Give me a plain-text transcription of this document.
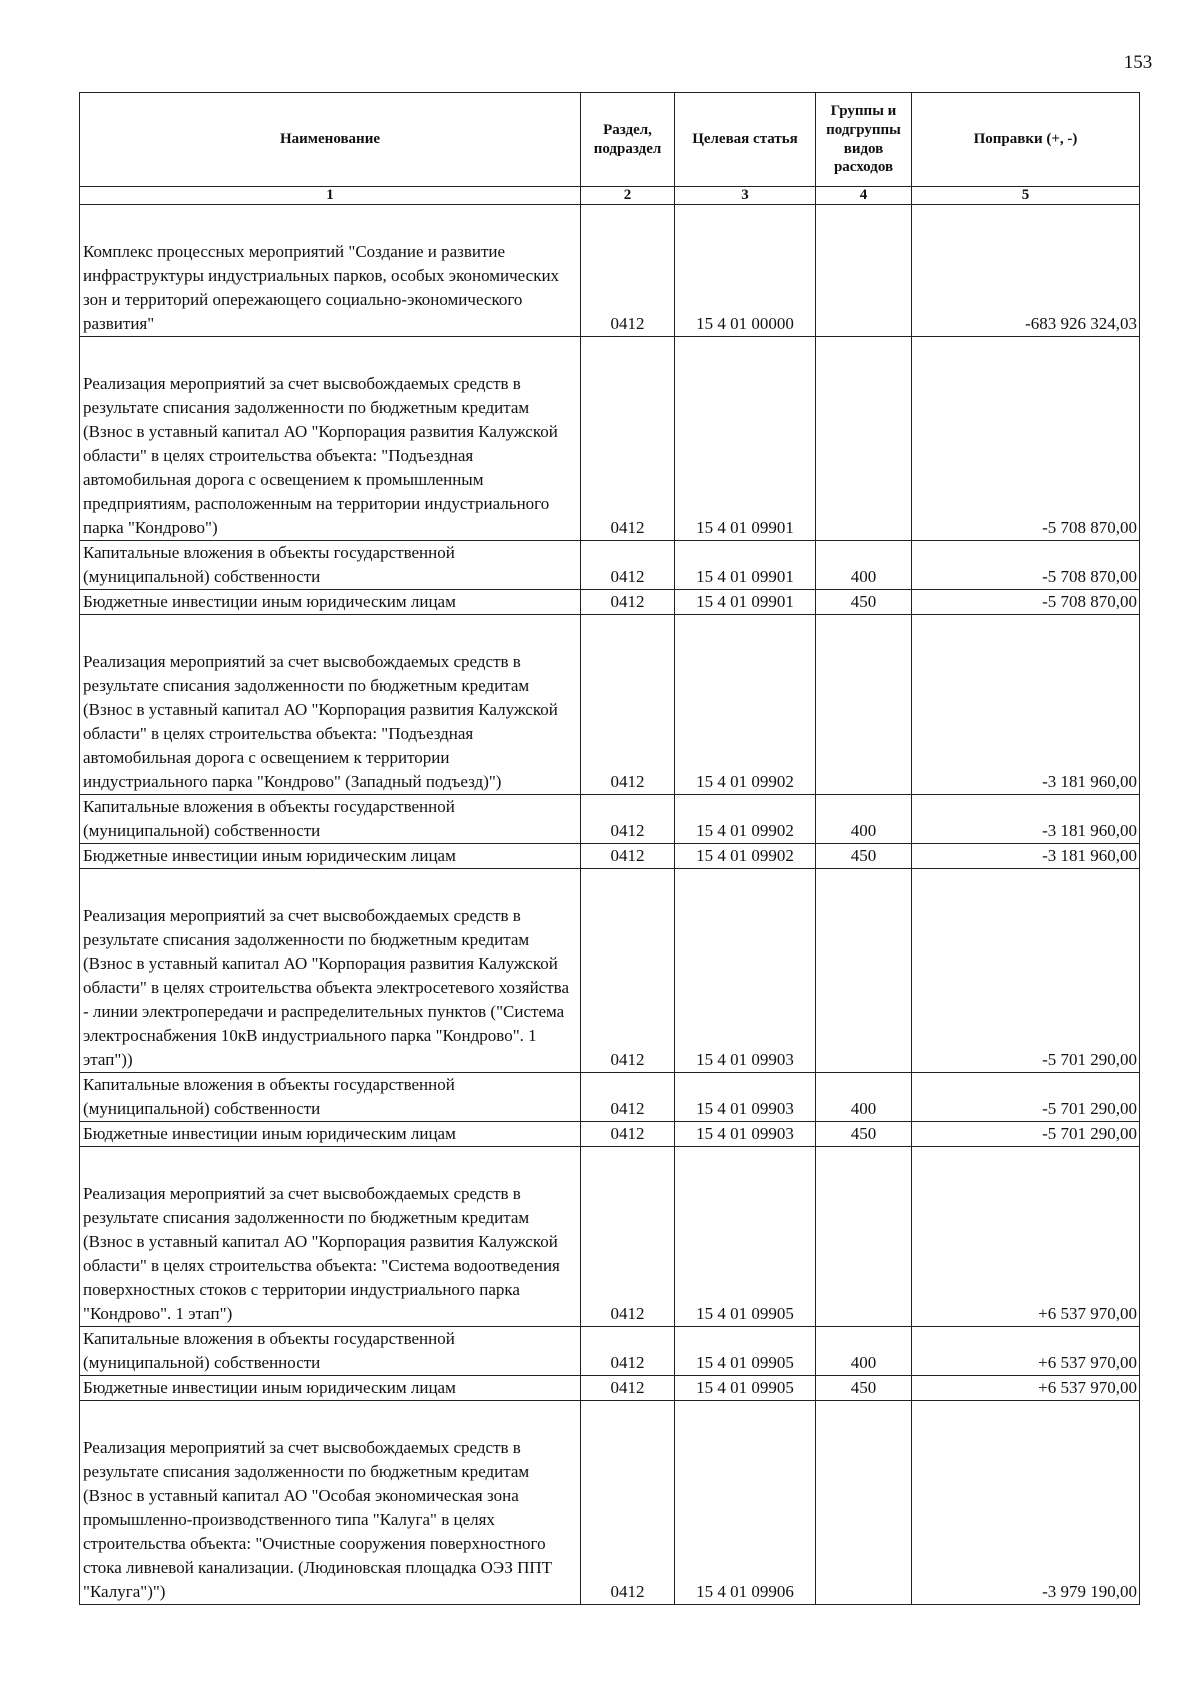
153
Наименование	Раздел, подраздел	Целевая статья	Группы и подгруппы видов расходов	Поправки (+, -)
1	2	3	4	5
Комплекс процессных мероприятий "Создание и развитие инфраструктуры индустриальных парков, особых экономических зон и территорий опережающего социально-экономического развития"	0412	15 4 01 00000		-683 926 324,03
Реализация мероприятий за счет высвобождаемых средств в результате списания задолженности по бюджетным кредитам (Взнос в уставный капитал АО "Корпорация развития Калужской области" в целях строительства объекта: "Подъездная автомобильная дорога с освещением к промышленным предприятиям, расположенным на территории индустриального парка "Кондрово")	0412	15 4 01 09901		-5 708 870,00
Капитальные вложения в объекты государственной (муниципальной) собственности	0412	15 4 01 09901	400	-5 708 870,00
Бюджетные инвестиции иным юридическим лицам	0412	15 4 01 09901	450	-5 708 870,00
Реализация мероприятий за счет высвобождаемых средств в результате списания задолженности по бюджетным кредитам (Взнос в уставный капитал АО "Корпорация развития Калужской области" в целях строительства объекта: "Подъездная автомобильная дорога с освещением к территории индустриального парка "Кондрово" (Западный подъезд)")	0412	15 4 01 09902		-3 181 960,00
Капитальные вложения в объекты государственной (муниципальной) собственности	0412	15 4 01 09902	400	-3 181 960,00
Бюджетные инвестиции иным юридическим лицам	0412	15 4 01 09902	450	-3 181 960,00
Реализация мероприятий за счет высвобождаемых средств в результате списания задолженности по бюджетным кредитам (Взнос в уставный капитал АО "Корпорация развития Калужской области" в целях строительства объекта электросетевого хозяйства - линии электропередачи и распределительных пунктов ("Система электроснабжения 10кВ индустриального парка "Кондрово". 1 этап"))	0412	15 4 01 09903		-5 701 290,00
Капитальные вложения в объекты государственной (муниципальной) собственности	0412	15 4 01 09903	400	-5 701 290,00
Бюджетные инвестиции иным юридическим лицам	0412	15 4 01 09903	450	-5 701 290,00
Реализация мероприятий за счет высвобождаемых средств в результате списания задолженности по бюджетным кредитам (Взнос в уставный капитал АО "Корпорация развития Калужской области" в целях строительства объекта: "Система водоотведения поверхностных стоков с территории индустриального парка "Кондрово". 1 этап")	0412	15 4 01 09905		+6 537 970,00
Капитальные вложения в объекты государственной (муниципальной) собственности	0412	15 4 01 09905	400	+6 537 970,00
Бюджетные инвестиции иным юридическим лицам	0412	15 4 01 09905	450	+6 537 970,00
Реализация мероприятий за счет высвобождаемых средств в результате списания задолженности по бюджетным кредитам (Взнос в уставный капитал АО "Особая экономическая зона промышленно-производственного типа "Калуга" в целях строительства объекта: "Очистные сооружения поверхностного стока ливневой канализации. (Людиновская площадка ОЭЗ ППТ "Калуга")")	0412	15 4 01 09906		-3 979 190,00
